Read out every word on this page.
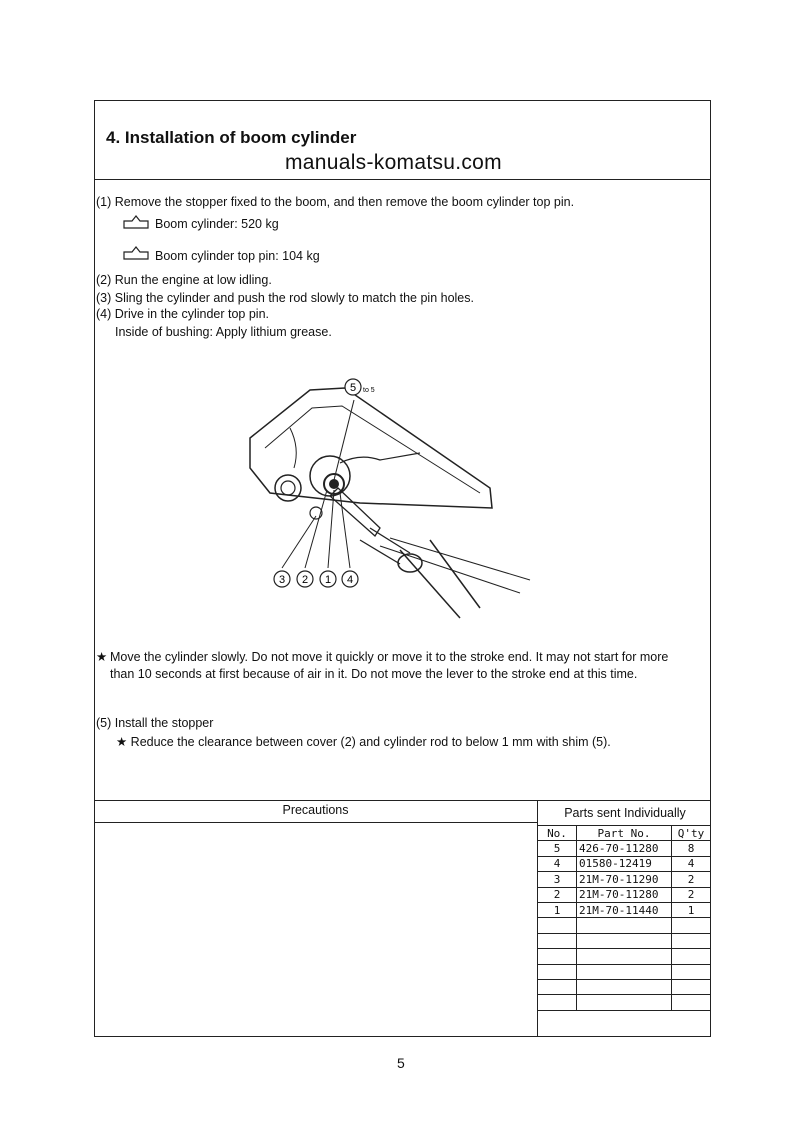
4. Installation of boom cylinder
manuals-komatsu.com
(1) Remove the stopper fixed to the boom, and then remove the boom cylinder top pin.
Boom cylinder: 520 kg
Boom cylinder top pin: 104 kg
(2) Run the engine at low idling.
(3) Sling the cylinder and push the rod slowly to match the pin holes.
(4) Drive in the cylinder top pin.
Inside of bushing: Apply lithium grease.
5 to 5
3 2 1 4
★ Move the cylinder slowly. Do not move it quickly or move it to the stroke end. It may not start for more than 10 seconds at first because of air in it. Do not move the lever to the stroke end at this time.
(5) Install the stopper
★ Reduce the clearance between cover (2) and cylinder rod to below 1 mm with shim (5).
Precautions	Parts sent Individually
No.	Part No.	Q'ty
5	426-70-11280	8
4	01580-12419	4
3	21M-70-11290	2
2	21M-70-11280	2
1	21M-70-11440	1

5
